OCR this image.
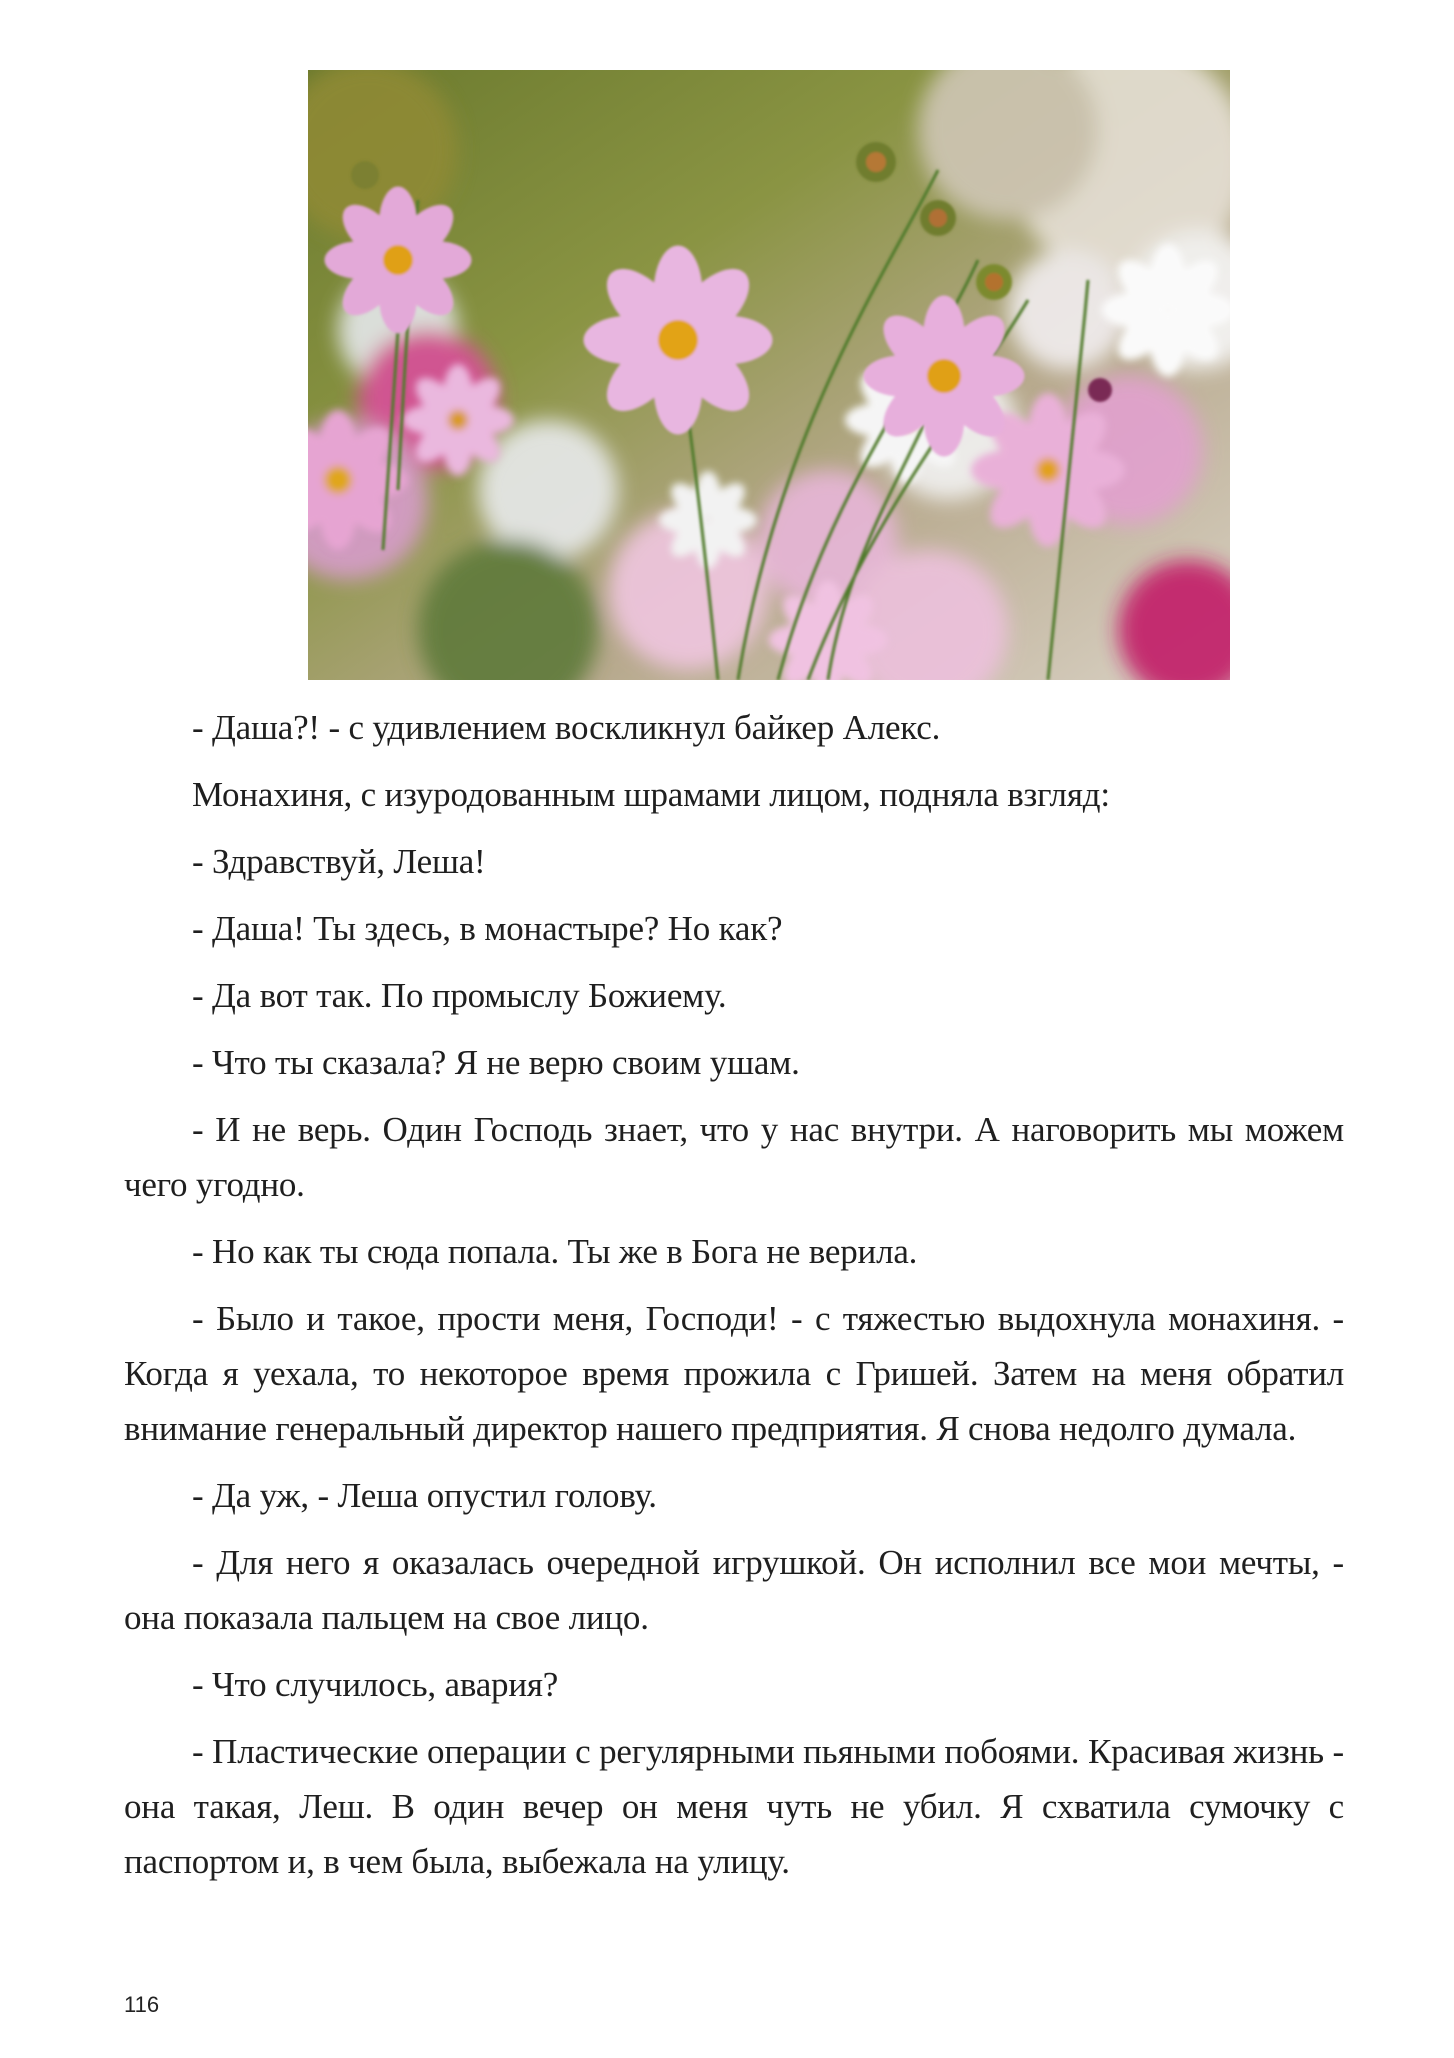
- Даша?! - с удивлением воскликнул байкер Алекс.

Монахиня, с изуродованным шрамами лицом, подняла взгляд:

- Здравствуй, Леша!

- Даша! Ты здесь, в монастыре? Но как?

- Да вот так. По промыслу Божиему.

- Что ты сказала? Я не верю своим ушам.

- И не верь. Один Господь знает, что у нас внутри. А наговорить мы можем чего угодно.

- Но как ты сюда попала. Ты же в Бога не верила.

- Было и такое, прости меня, Господи! - с тяжестью выдохнула монахиня. - Когда я уехала, то некоторое время прожила с Гришей. Затем на меня обратил внимание генеральный директор нашего предприятия. Я снова недолго думала.

- Да уж, - Леша опустил голову.

- Для него я оказалась очередной игрушкой. Он исполнил все мои мечты, - она показала пальцем на свое лицо.

- Что случилось, авария?

- Пластические операции с регулярными пьяными побоями. Красивая жизнь - она такая, Леш. В один вечер он меня чуть не убил. Я схватила сумочку с паспортом и, в чем была, выбежала на улицу.

116
